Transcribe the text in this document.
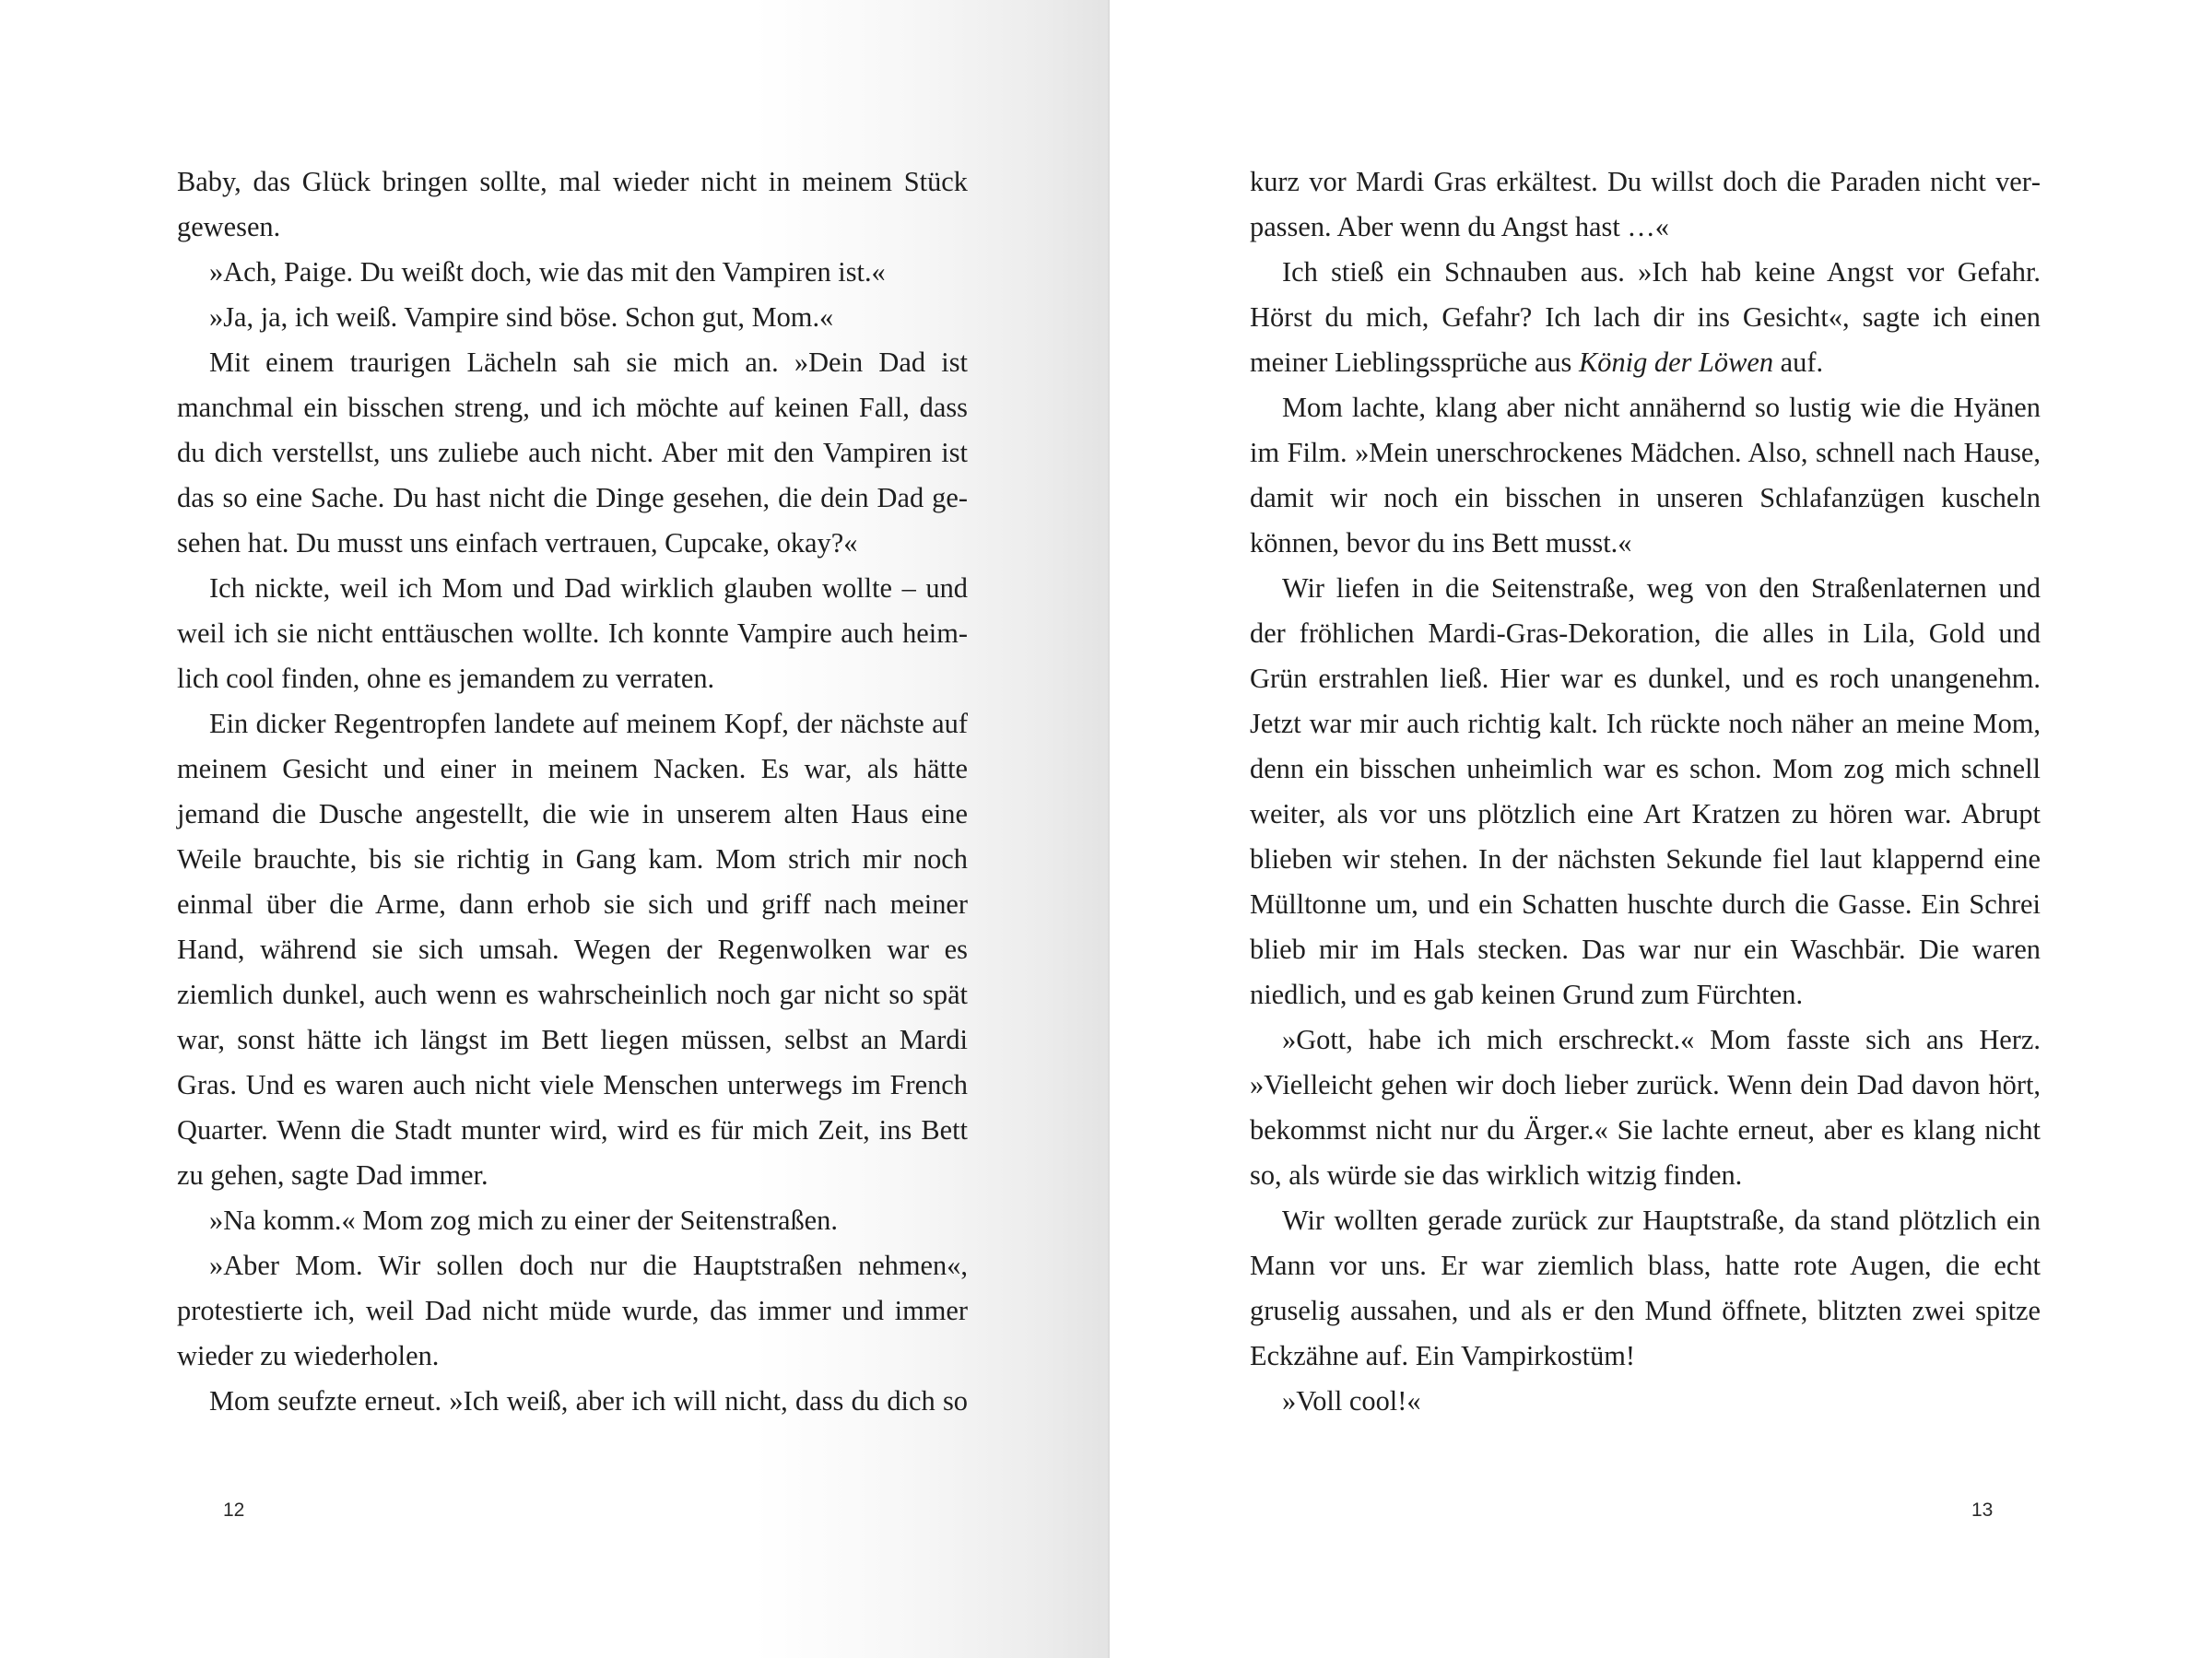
Baby, das Glück bringen sollte, mal wieder nicht in meinem Stück gewesen.

»Ach, Paige. Du weißt doch, wie das mit den Vampiren ist.«

»Ja, ja, ich weiß. Vampire sind böse. Schon gut, Mom.«

Mit einem traurigen Lächeln sah sie mich an. »Dein Dad ist manchmal ein bisschen streng, und ich möchte auf keinen Fall, dass du dich verstellst, uns zuliebe auch nicht. Aber mit den Vampiren ist das so eine Sache. Du hast nicht die Dinge gesehen, die dein Dad gesehen hat. Du musst uns einfach vertrauen, Cupcake, okay?«

Ich nickte, weil ich Mom und Dad wirklich glauben wollte – und weil ich sie nicht enttäuschen wollte. Ich konnte Vampire auch heimlich cool finden, ohne es jemandem zu verraten.

Ein dicker Regentropfen landete auf meinem Kopf, der nächste auf meinem Gesicht und einer in meinem Nacken. Es war, als hätte jemand die Dusche angestellt, die wie in unserem alten Haus eine Weile brauchte, bis sie richtig in Gang kam. Mom strich mir noch einmal über die Arme, dann erhob sie sich und griff nach meiner Hand, während sie sich umsah. Wegen der Regenwolken war es ziemlich dunkel, auch wenn es wahrscheinlich noch gar nicht so spät war, sonst hätte ich längst im Bett liegen müssen, selbst an Mardi Gras. Und es waren auch nicht viele Menschen unterwegs im French Quarter. Wenn die Stadt munter wird, wird es für mich Zeit, ins Bett zu gehen, sagte Dad immer.

»Na komm.« Mom zog mich zu einer der Seitenstraßen.

»Aber Mom. Wir sollen doch nur die Hauptstraßen nehmen«, protestierte ich, weil Dad nicht müde wurde, das immer und immer wieder zu wiederholen.

Mom seufzte erneut. »Ich weiß, aber ich will nicht, dass du dich so

12

kurz vor Mardi Gras erkältest. Du willst doch die Paraden nicht verpassen. Aber wenn du Angst hast …«

Ich stieß ein Schnauben aus. »Ich hab keine Angst vor Gefahr. Hörst du mich, Gefahr? Ich lach dir ins Gesicht«, sagte ich einen meiner Lieblingssprüche aus König der Löwen auf.

Mom lachte, klang aber nicht annähernd so lustig wie die Hyänen im Film. »Mein unerschrockenes Mädchen. Also, schnell nach Hause, damit wir noch ein bisschen in unseren Schlafanzügen kuscheln können, bevor du ins Bett musst.«

Wir liefen in die Seitenstraße, weg von den Straßenlaternen und der fröhlichen Mardi-Gras-Dekoration, die alles in Lila, Gold und Grün erstrahlen ließ. Hier war es dunkel, und es roch unangenehm. Jetzt war mir auch richtig kalt. Ich rückte noch näher an meine Mom, denn ein bisschen unheimlich war es schon. Mom zog mich schnell weiter, als vor uns plötzlich eine Art Kratzen zu hören war. Abrupt blieben wir stehen. In der nächsten Sekunde fiel laut klappernd eine Mülltonne um, und ein Schatten huschte durch die Gasse. Ein Schrei blieb mir im Hals stecken. Das war nur ein Waschbär. Die waren niedlich, und es gab keinen Grund zum Fürchten.

»Gott, habe ich mich erschreckt.« Mom fasste sich ans Herz. »Vielleicht gehen wir doch lieber zurück. Wenn dein Dad davon hört, bekommst nicht nur du Ärger.« Sie lachte erneut, aber es klang nicht so, als würde sie das wirklich witzig finden.

Wir wollten gerade zurück zur Hauptstraße, da stand plötzlich ein Mann vor uns. Er war ziemlich blass, hatte rote Augen, die echt gruselig aussahen, und als er den Mund öffnete, blitzten zwei spitze Eckzähne auf. Ein Vampirkostüm!

»Voll cool!«

13
